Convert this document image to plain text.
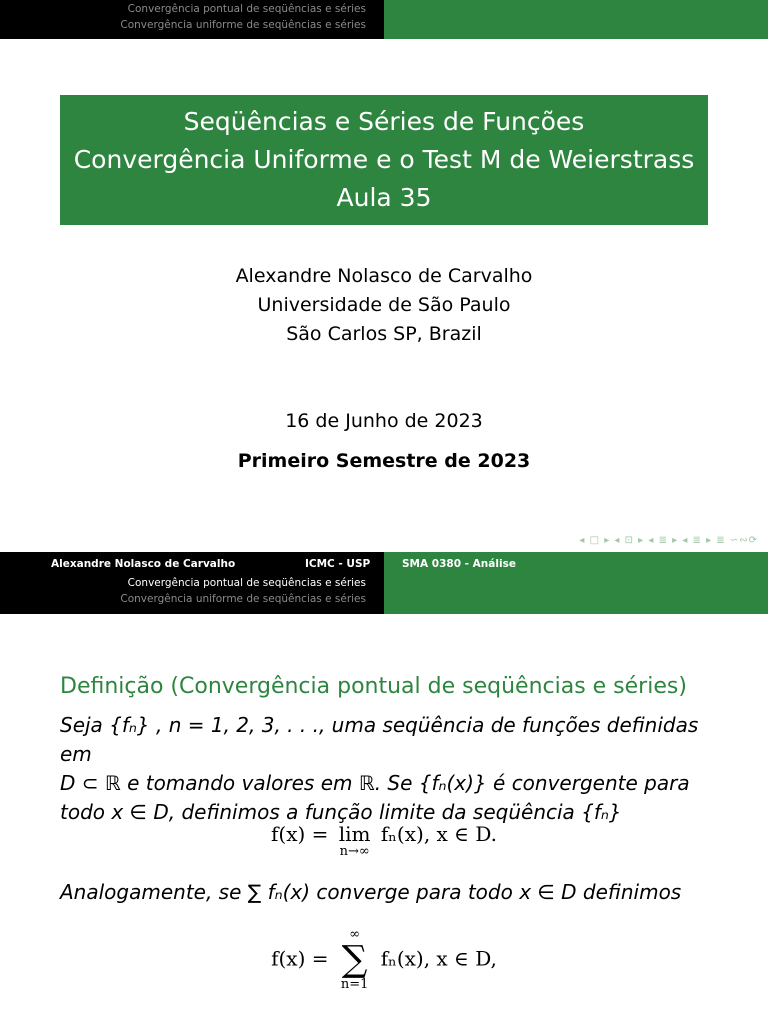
Convergência pontual de seqüências e séries
Convergência uniforme de seqüências e séries
Seqüências e Séries de Funções
Convergência Uniforme e o Test M de Weierstrass
Aula 35
Alexandre Nolasco de Carvalho
Universidade de São Paulo
São Carlos SP, Brazil
16 de Junho de 2023
Primeiro Semestre de 2023
◂ □ ▸ ◂ ⊡ ▸ ◂ ≣ ▸ ◂ ≣ ▸ ≣ ∽∾⟳
Alexandre Nolasco de Carvalho	ICMC - USP	SMA 0380 - Análise
Convergência pontual de seqüências e séries
Convergência uniforme de seqüências e séries
Definição (Convergência pontual de seqüências e séries)
Seja {fₙ} , n = 1, 2, 3, . . ., uma seqüência de funções definidas em
D ⊂ ℝ e tomando valores em ℝ. Se {fₙ(x)} é convergente para
todo x ∈ D, definimos a função limite da seqüência {fₙ}
f(x) = lim
n→∞
fₙ(x), x ∈ D.
Analogamente, se ∑ fₙ(x) converge para todo x ∈ D definimos
f(x) =
∞
∑
n=1
fₙ(x), x ∈ D,
